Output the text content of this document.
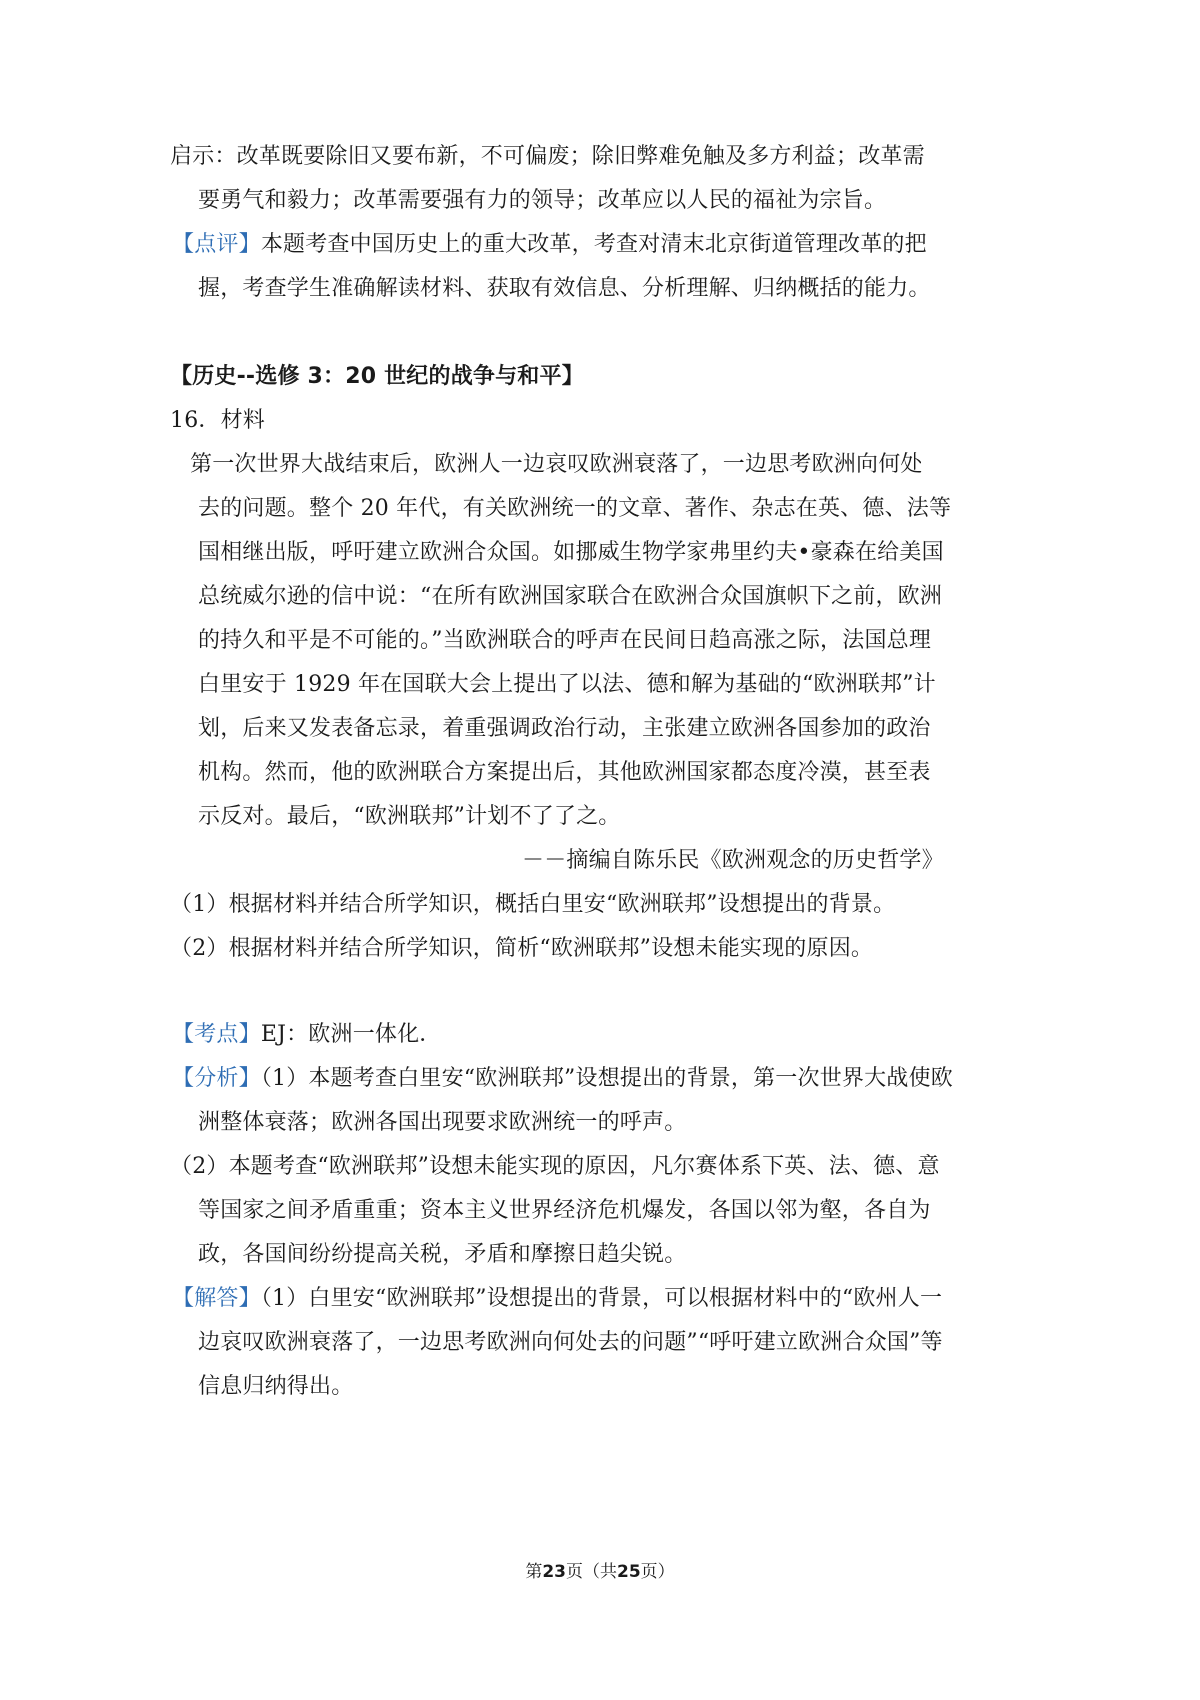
启示：改革既要除旧又要布新，不可偏废；除旧弊难免触及多方利益；改革需
要勇气和毅力；改革需要强有力的领导；改革应以人民的福祉为宗旨。
【点评】本题考查中国历史上的重大改革，考查对清末北京街道管理改革的把
握，考查学生准确解读材料、获取有效信息、分析理解、归纳概括的能力。
【历史--选修 3：20 世纪的战争与和平】
16．材料
第一次世界大战结束后，欧洲人一边哀叹欧洲衰落了，一边思考欧洲向何处
去的问题。整个 20 年代，有关欧洲统一的文章、著作、杂志在英、德、法等
国相继出版，呼吁建立欧洲合众国。如挪威生物学家弗里约夫•豪森在给美国
总统威尔逊的信中说：“在所有欧洲国家联合在欧洲合众国旗帜下之前，欧洲
的持久和平是不可能的。”当欧洲联合的呼声在民间日趋高涨之际，法国总理
白里安于 1929 年在国联大会上提出了以法、德和解为基础的“欧洲联邦”计
划，后来又发表备忘录，着重强调政治行动，主张建立欧洲各国参加的政治
机构。然而，他的欧洲联合方案提出后，其他欧洲国家都态度冷漠，甚至表
示反对。最后，“欧洲联邦”计划不了了之。
－－摘编自陈乐民《欧洲观念的历史哲学》
（1）根据材料并结合所学知识，概括白里安“欧洲联邦”设想提出的背景。
（2）根据材料并结合所学知识，简析“欧洲联邦”设想未能实现的原因。
【考点】EJ：欧洲一体化．
【分析】（1）本题考查白里安“欧洲联邦”设想提出的背景，第一次世界大战使欧
洲整体衰落；欧洲各国出现要求欧洲统一的呼声。
（2）本题考查“欧洲联邦”设想未能实现的原因，凡尔赛体系下英、法、德、意
等国家之间矛盾重重；资本主义世界经济危机爆发，各国以邻为壑，各自为
政，各国间纷纷提高关税，矛盾和摩擦日趋尖锐。
【解答】（1）白里安“欧洲联邦”设想提出的背景，可以根据材料中的“欧州人一
边哀叹欧洲衰落了，一边思考欧洲向何处去的问题”“呼吁建立欧洲合众国”等
信息归纳得出。
第23页（共25页）
